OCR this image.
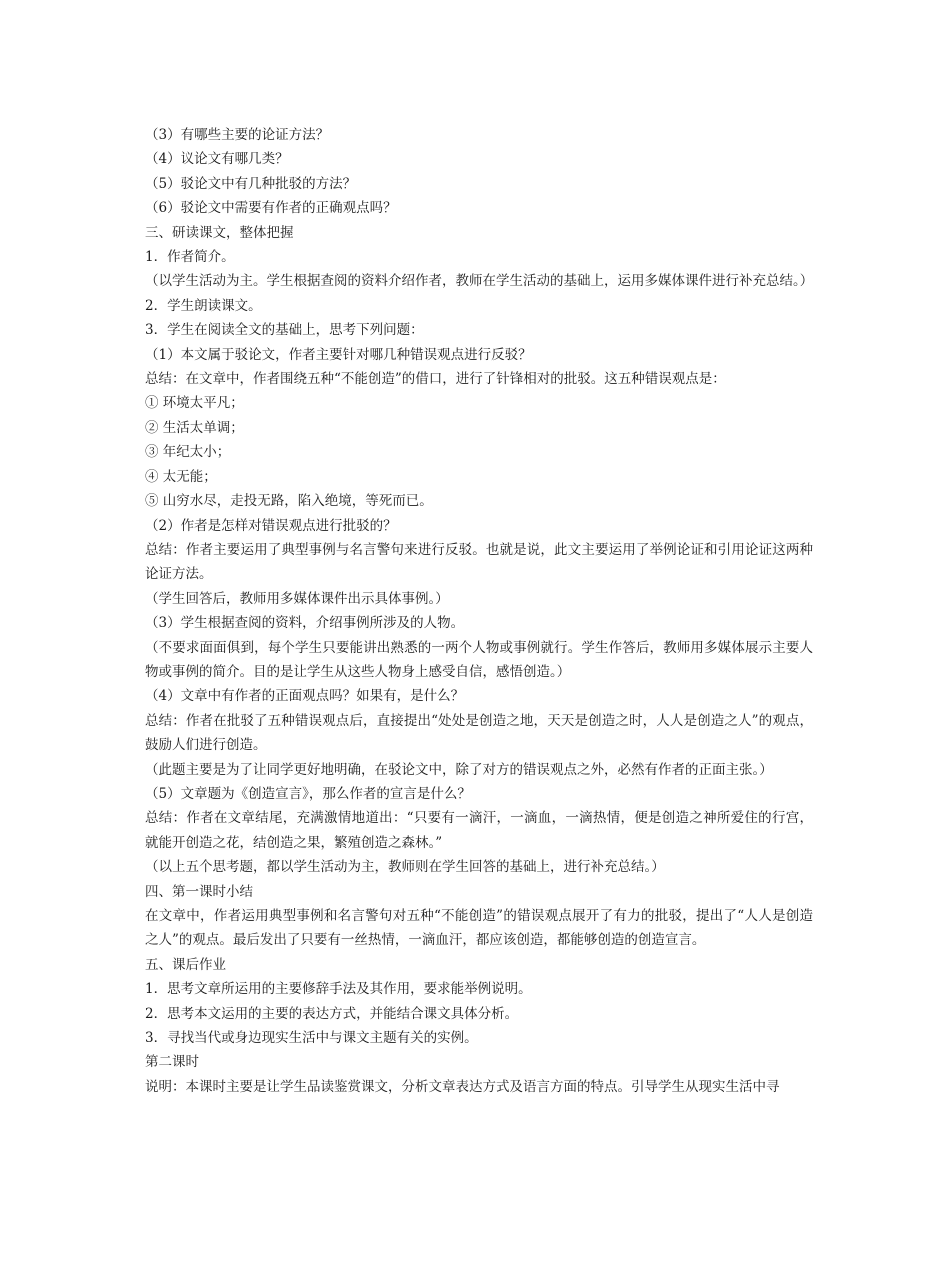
（3）有哪些主要的论证方法？
（4）议论文有哪几类？
（5）驳论文中有几种批驳的方法？
（6）驳论文中需要有作者的正确观点吗？
三、研读课文，整体把握
1．作者简介。
（以学生活动为主。学生根据查阅的资料介绍作者，教师在学生活动的基础上，运用多媒体课件进行补充总结。）
2．学生朗读课文。
3．学生在阅读全文的基础上，思考下列问题：
（1）本文属于驳论文，作者主要针对哪几种错误观点进行反驳？
总结：在文章中，作者围绕五种“不能创造”的借口，进行了针锋相对的批驳。这五种错误观点是：
① 环境太平凡；
② 生活太单调；
③ 年纪太小；
④ 太无能；
⑤ 山穷水尽，走投无路，陷入绝境，等死而已。
（2）作者是怎样对错误观点进行批驳的？
总结：作者主要运用了典型事例与名言警句来进行反驳。也就是说，此文主要运用了举例论证和引用论证这两种论证方法。
（学生回答后，教师用多媒体课件出示具体事例。）
（3）学生根据查阅的资料，介绍事例所涉及的人物。
（不要求面面俱到，每个学生只要能讲出熟悉的一两个人物或事例就行。学生作答后，教师用多媒体展示主要人物或事例的简介。目的是让学生从这些人物身上感受自信，感悟创造。）
（4）文章中有作者的正面观点吗？如果有，是什么？
总结：作者在批驳了五种错误观点后，直接提出“处处是创造之地，天天是创造之时，人人是创造之人”的观点，鼓励人们进行创造。
（此题主要是为了让同学更好地明确，在驳论文中，除了对方的错误观点之外，必然有作者的正面主张。）
（5）文章题为《创造宣言》，那么作者的宣言是什么？
总结：作者在文章结尾，充满激情地道出：“只要有一滴汗，一滴血，一滴热情，便是创造之神所爱住的行宫，就能开创造之花，结创造之果，繁殖创造之森林。”
（以上五个思考题，都以学生活动为主，教师则在学生回答的基础上，进行补充总结。）
四、第一课时小结
在文章中，作者运用典型事例和名言警句对五种“不能创造”的错误观点展开了有力的批驳，提出了“人人是创造之人”的观点。最后发出了只要有一丝热情，一滴血汗，都应该创造，都能够创造的创造宣言。
五、课后作业
1．思考文章所运用的主要修辞手法及其作用，要求能举例说明。
2．思考本文运用的主要的表达方式，并能结合课文具体分析。
3．寻找当代或身边现实生活中与课文主题有关的实例。
第二课时
说明：本课时主要是让学生品读鉴赏课文，分析文章表达方式及语言方面的特点。引导学生从现实生活中寻
